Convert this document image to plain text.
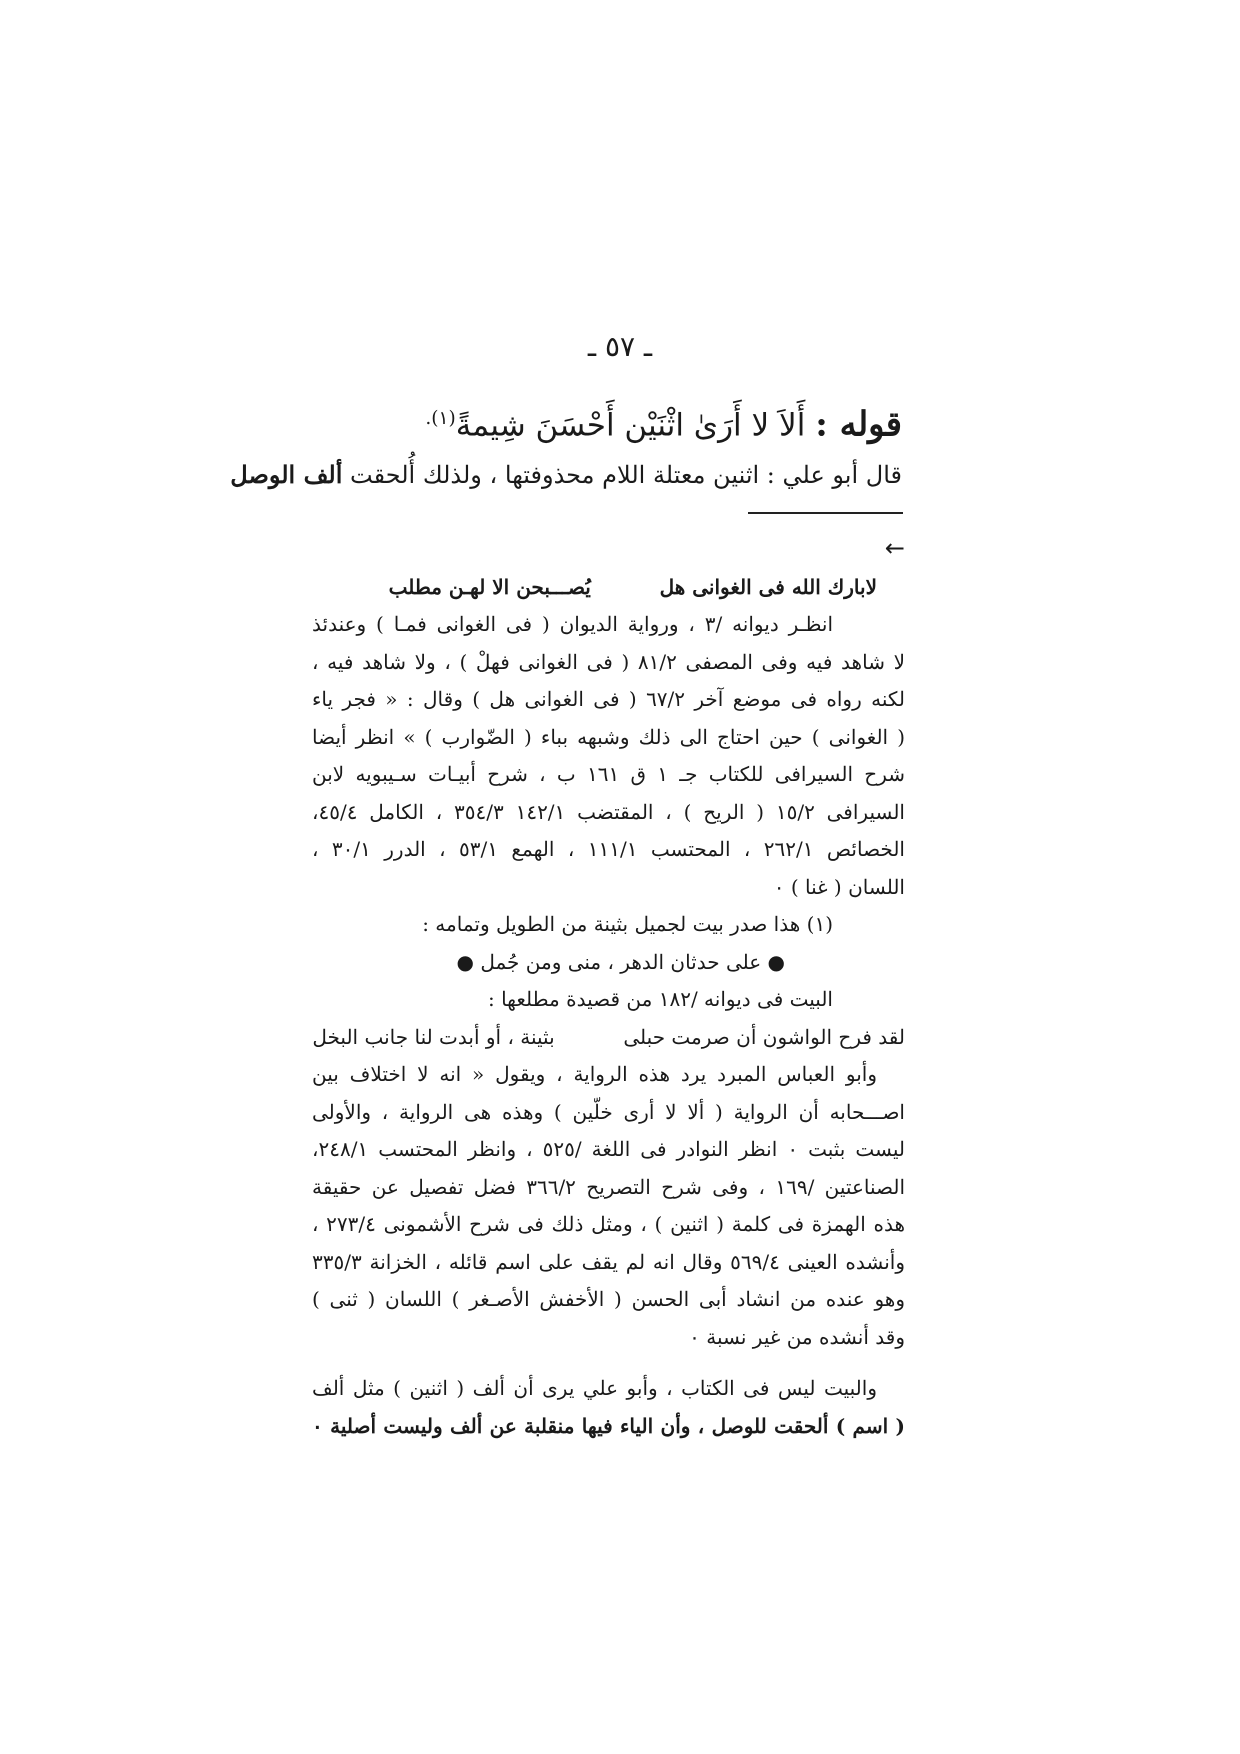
ـ ٥٧ ـ

قوله : أَلاَ لا أَرَىٰ اثْنَيْن أَحْسَنَ شِيمةً$^{(١).}$

قال أبو علي : اثنين معتلة اللام محذوفتها ، ولذلك أُلحقت ألف الوصل

←

لابارك الله فى الغوانى هل  يُصـــبحن الا لهـن مطلب

انظـر ديوانه /٣ ، ورواية الديوان ( فى الغوانى فمـا ) وعندئذ

لا شاهد فيه وفى المصفى ٨١/٢ ( فى الغوانى فهلْ ) ، ولا شاهد فيه ،

لكنه رواه فى موضع آخر ٦٧/٢ ( فى الغوانى هل ) وقال : « فجر ياء

( الغوانى ) حين احتاج الى ذلك وشبهه بباء ( الضّوارب ) » انظر أيضا

شرح السيرافى للكتاب جـ ١ ق ١٦١ ب ، شرح أبيـات سـيبويه لابن

السيرافى ١٥/٢ ( الريح ) ، المقتضب ١٤٢/١ ٣٥٤/٣ ، الكامل ٤٥/٤،

الخصائص ٢٦٢/١ ، المحتسب ١١١/١ ، الهمع ٥٣/١ ، الدرر ٣٠/١ ،

اللسان ( غنا ) ٠

(١) هذا صدر بيت لجميل بثينة من الطويل وتمامه :

● على حدثان الدهر ، منى ومن جُمل ●

البيت فى ديوانه /١٨٢ من قصيدة مطلعها :

لقد فرح الواشون أن صرمت حبلى  بثينة ، أو أبدت لنا جانب البخل

وأبو العباس المبرد يرد هذه الرواية ، ويقول « انه لا اختلاف بين

اصـــحابه أن الرواية ( ألا لا أرى خلّين ) وهذه هى الرواية ، والأولى

ليست بثبت ٠ انظر النوادر فى اللغة /٥٢٥ ، وانظر المحتسب ٢٤٨/١،

الصناعتين /١٦٩ ، وفى شرح التصريح ٣٦٦/٢ فضل تفصيل عن حقيقة

هذه الهمزة فى كلمة ( اثنين ) ، ومثل ذلك فى شرح الأشمونى ٢٧٣/٤ ،

وأنشده العينى ٥٦٩/٤ وقال انه لم يقف على اسم قائله ، الخزانة ٣٣٥/٣

وهو عنده من انشاد أبى الحسن ( الأخفش الأصـغر ) اللسان ( ثنى )

وقد أنشده من غير نسبة ٠

والبيت ليس فى الكتاب ، وأبو علي يرى أن ألف ( اثنين ) مثل ألف

( اسم ) ألحقت للوصل ، وأن الياء فيها منقلبة عن ألف وليست أصلية ٠
